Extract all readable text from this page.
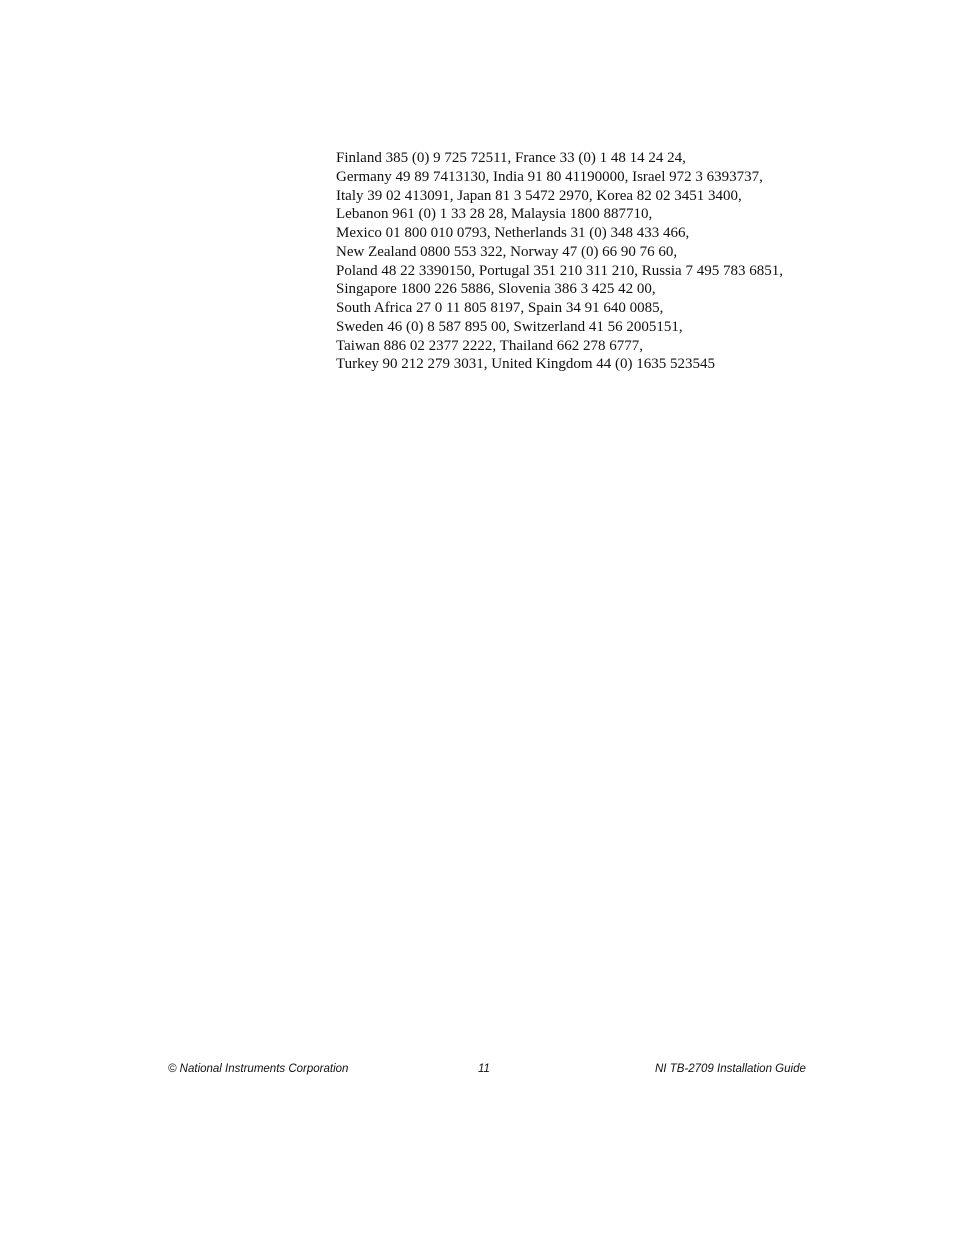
Finland 385 (0) 9 725 72511, France 33 (0) 1 48 14 24 24,
Germany 49 89 7413130, India 91 80 41190000, Israel 972 3 6393737,
Italy 39 02 413091, Japan 81 3 5472 2970, Korea 82 02 3451 3400,
Lebanon 961 (0) 1 33 28 28, Malaysia 1800 887710,
Mexico 01 800 010 0793, Netherlands 31 (0) 348 433 466,
New Zealand 0800 553 322, Norway 47 (0) 66 90 76 60,
Poland 48 22 3390150, Portugal 351 210 311 210, Russia 7 495 783 6851,
Singapore 1800 226 5886, Slovenia 386 3 425 42 00,
South Africa 27 0 11 805 8197, Spain 34 91 640 0085,
Sweden 46 (0) 8 587 895 00, Switzerland 41 56 2005151,
Taiwan 886 02 2377 2222, Thailand 662 278 6777,
Turkey 90 212 279 3031, United Kingdom 44 (0) 1635 523545
© National Instruments Corporation	11	NI TB-2709 Installation Guide
